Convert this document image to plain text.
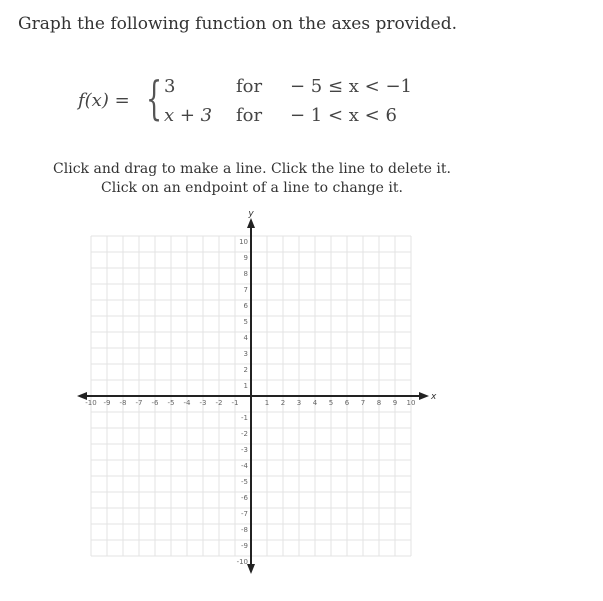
Graph the following function on the axes provided.
f(x) = { 3	for − 5 ≤ x < −1
x + 3 for − 1 < x < 6
Click and drag to make a line. Click the line to delete it.
Click on an endpoint of a line to change it.
x
y
-10 -9 -8 -7 -6 -5 -4 -3 -2 -1	1 2 3 4 5 6 7 8 9 10
10
9
8
7
6
5
4
3
2
1
-1
-2
-3
-4
-5
-6
-7
-8
-9
-10
